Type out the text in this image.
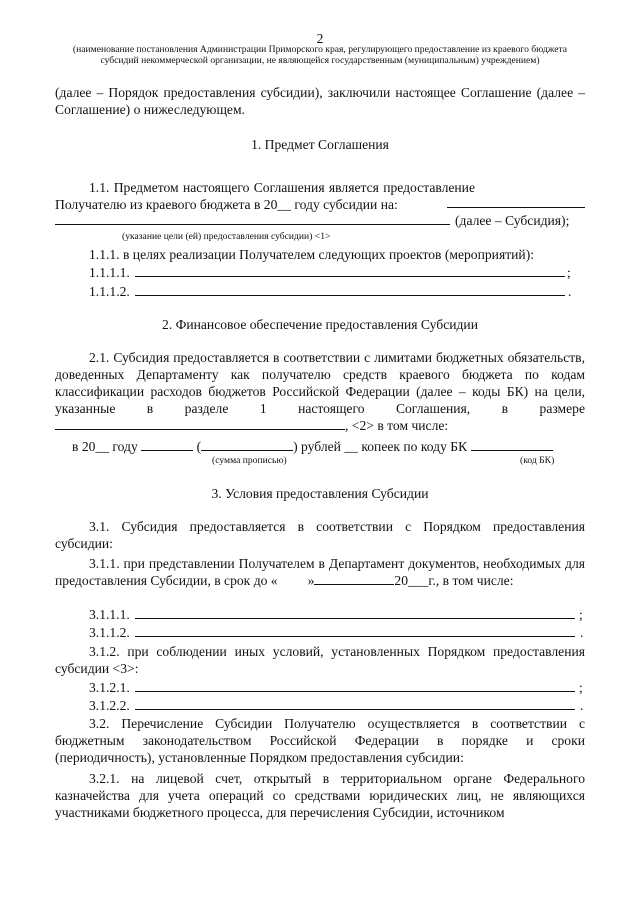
2
(наименование постановления Администрации Приморского края, регулирующего предоставление из краевого бюджета субсидий некоммерческой организации, не являющейся государственным (муниципальным) учреждением)
(далее – Порядок предоставления субсидии), заключили настоящее Соглашение (далее – Соглашение) о нижеследующем.
1. Предмет Соглашения
1.1. Предметом настоящего Соглашения является предоставление Получателю из краевого бюджета в 20__ году субсидии на:
(далее – Субсидия);
(указание цели (ей) предоставления субсидии) <1>
1.1.1. в целях реализации Получателем следующих проектов (мероприятий):
1.1.1.1.	;
1.1.1.2.	.
2. Финансовое обеспечение предоставления Субсидии
2.1. Субсидия предоставляется в соответствии с лимитами бюджетных обязательств, доведенных Департаменту как получателю средств краевого бюджета по кодам классификации расходов бюджетов Российской Федерации (далее – коды БК) на цели, указанные в разделе 1 настоящего Соглашения, в размере, <2> в том числе:
в 20__ году	(	) рублей __ копеек по коду БК
(сумма прописью)	(код БК)
3. Условия предоставления Субсидии
3.1. Субсидия предоставляется в соответствии с Порядком предоставления субсидии:
3.1.1. при представлении Получателем в Департамент документов, необходимых для предоставления Субсидии, в срок до « »	20___г., в том числе:
3.1.1.1.	;
3.1.1.2.	.
3.1.2. при соблюдении иных условий, установленных Порядком предоставления субсидии <3>:
3.1.2.1.	;
3.1.2.2.	.
3.2. Перечисление Субсидии Получателю осуществляется в соответствии с бюджетным законодательством Российской Федерации в порядке и сроки (периодичность), установленные Порядком предоставления субсидии:
3.2.1. на лицевой счет, открытый в территориальном органе Федерального казначейства для учета операций со средствами юридических лиц, не являющихся участниками бюджетного процесса, для перечисления Субсидии, источником
